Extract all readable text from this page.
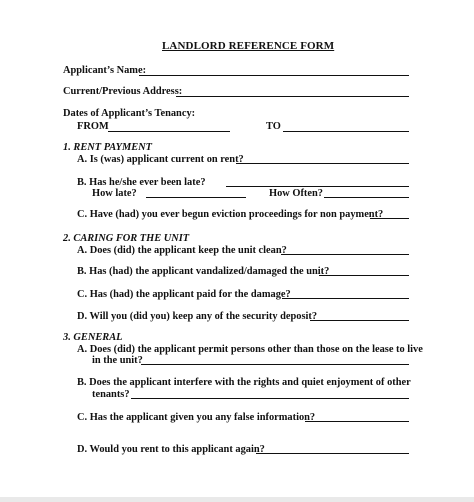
LANDLORD REFERENCE FORM
Applicant’s Name:
Current/Previous Address:
Dates of Applicant’s Tenancy:
FROM	TO
1. RENT PAYMENT
A. Is (was) applicant current on rent?
B. Has he/she ever been late?
How late?	How Often?
C. Have (had) you ever begun eviction proceedings for non payment?
2. CARING FOR THE UNIT
A. Does (did) the applicant keep the unit clean?
B. Has (had) the applicant vandalized/damaged the unit?
C. Has (had) the applicant paid for the damage?
D. Will you (did you) keep any of the security deposit?
3. GENERAL
A. Does (did) the applicant permit persons other than those on the lease to live
in the unit?
B. Does the applicant interfere with the rights and quiet enjoyment of other
tenants?
C. Has the applicant given you any false information?
D. Would you rent to this applicant again?
